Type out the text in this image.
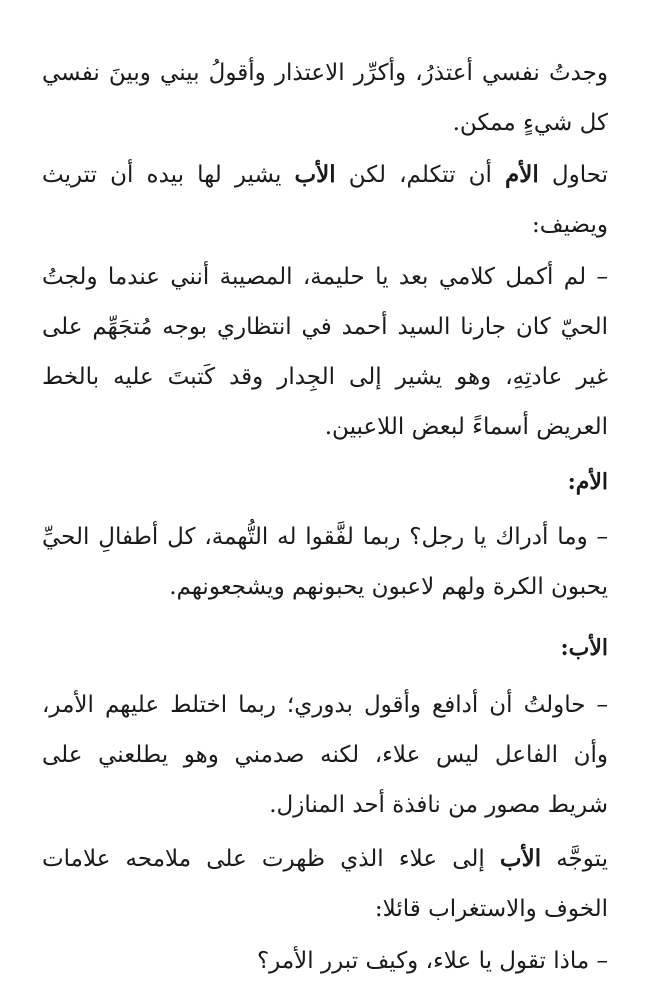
وجدتُ نفسي أعتذرُ، وأكرِّر الاعتذار وأقولُ بيني وبينَ نفسي كل شيءٍ ممكن.

تحاول الأم أن تتكلم، لكن الأب يشير لها بيده أن تتريث ويضيف:

– لم أكمل كلامي بعد يا حليمة، المصيبة أنني عندما ولجتُ الحيّ كان جارنا السيد أحمد في انتظاري بوجه مُتجَهِّم على غير عادتِهِ، وهو يشير إلى الجِدار وقد كَتبتَ عليه بالخط العريض أسماءً لبعض اللاعبين.

الأم:

– وما أدراك يا رجل؟ ربما لفَّقوا له التُّهمة، كل أطفالِ الحيِّ يحبون الكرة ولهم لاعبون يحبونهم ويشجعونهم.

الأب:

– حاولتُ أن أدافع وأقول بدوري؛ ربما اختلط عليهم الأمر، وأن الفاعل ليس علاء، لكنه صدمني وهو يطلعني على شريط مصور من نافذة أحد المنازل.

يتوجَّه الأب إلى علاء الذي ظهرت على ملامحه علامات الخوف والاستغراب قائلا:

– ماذا تقول يا علاء، وكيف تبرر الأمر؟
